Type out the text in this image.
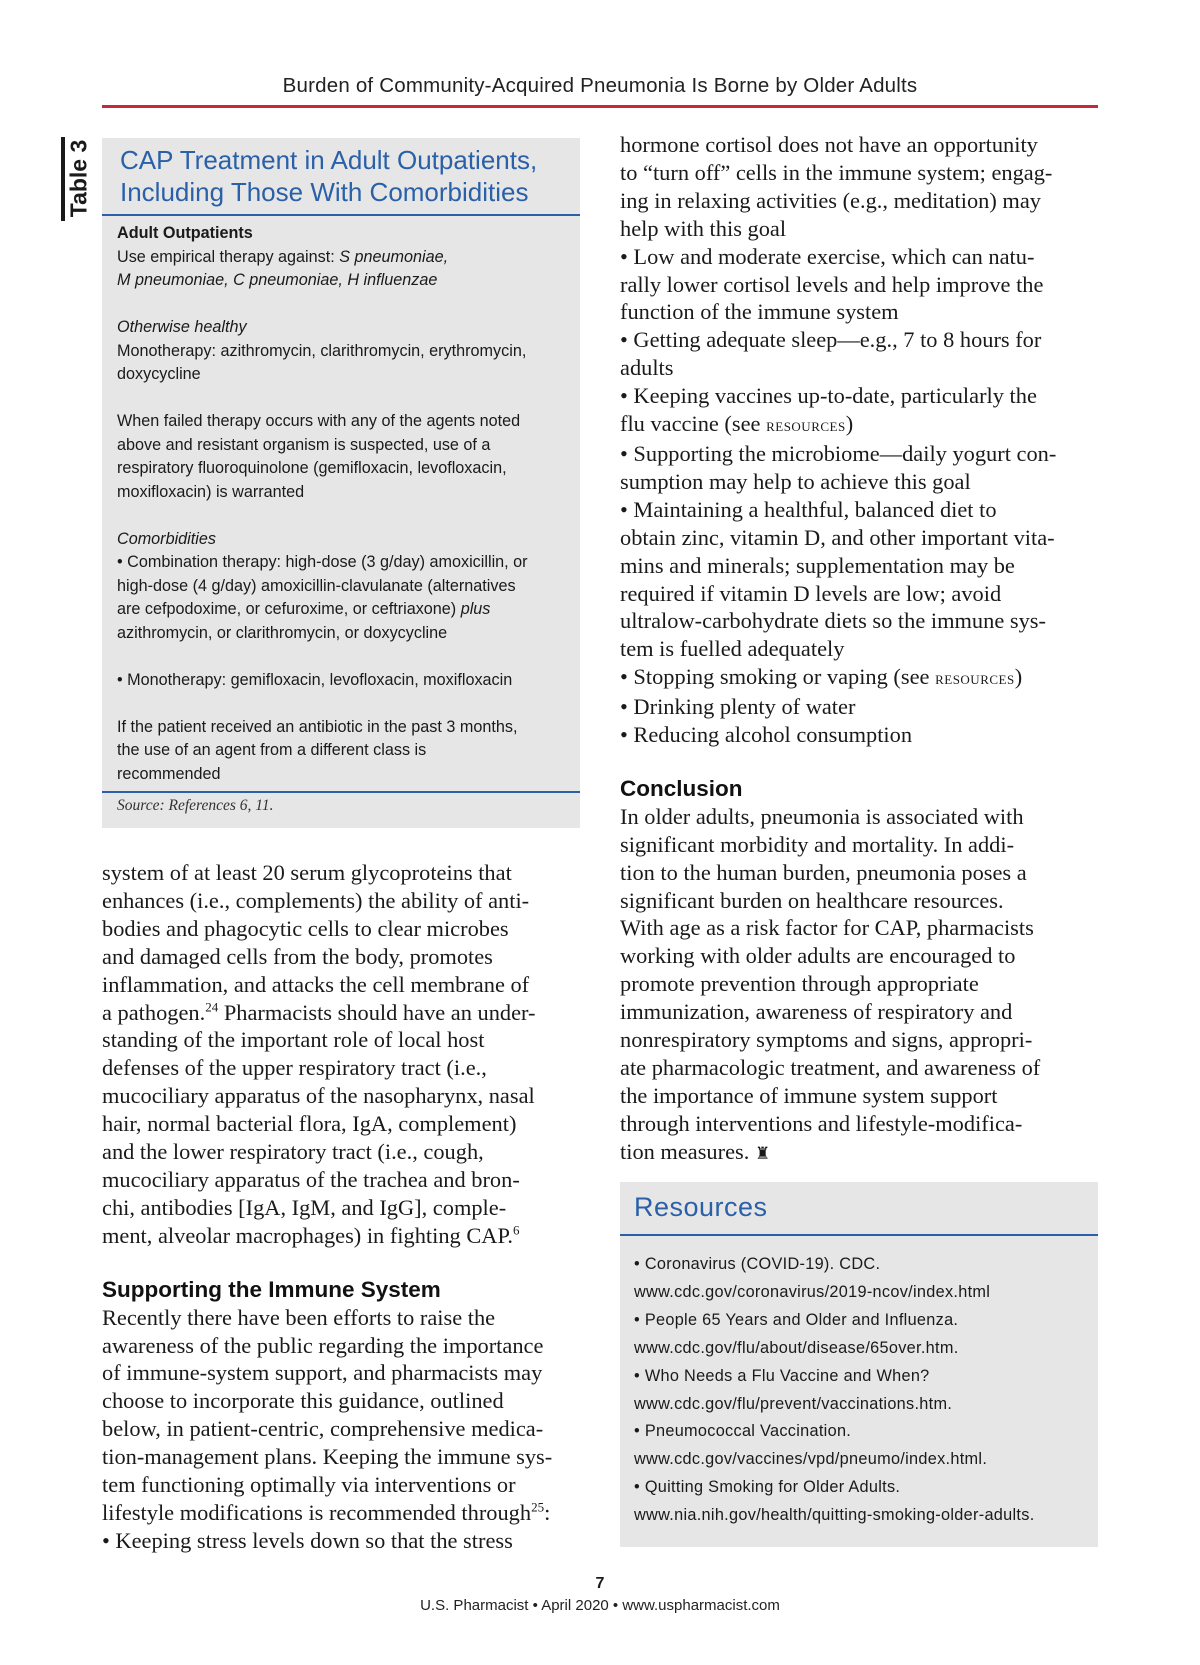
Burden of Community-Acquired Pneumonia Is Borne by Older Adults
Table 3 CAP Treatment in Adult Outpatients,
Including Those With Comorbidities

Adult Outpatients

Use empirical therapy against: S pneumoniae,

M pneumoniae, C pneumoniae, H influenzae

Otherwise healthy

Monotherapy: azithromycin, clarithromycin, erythromycin,

doxycycline

When failed therapy occurs with any of the agents noted

above and resistant organism is suspected, use of a

respiratory fluoroquinolone (gemifloxacin, levofloxacin,

moxifloxacin) is warranted

Comorbidities

• Combination therapy: high-dose (3 g/day) amoxicillin, or

high-dose (4 g/day) amoxicillin-clavulanate (alternatives

are cefpodoxime, or cefuroxime, or ceftriaxone) plus

azithromycin, or clarithromycin, or doxycycline

• Monotherapy: gemifloxacin, levofloxacin, moxifloxacin

If the patient received an antibiotic in the past 3 months,

the use of an agent from a different class is

recommended

Source: References 6, 11.

system of at least 20 serum glycoproteins that

enhances (i.e., complements) the ability of anti-

bodies and phagocytic cells to clear microbes

and damaged cells from the body, promotes

inflammation, and attacks the cell membrane of

a pathogen.$^{24}$ Pharmacists should have an under-

standing of the important role of local host

defenses of the upper respiratory tract (i.e.,

mucociliary apparatus of the nasopharynx, nasal

hair, normal bacterial flora, IgA, complement)

and the lower respiratory tract (i.e., cough,

mucociliary apparatus of the trachea and bron-

chi, antibodies [IgA, IgM, and IgG], comple-

ment, alveolar macrophages) in fighting CAP.$^6$

Supporting the Immune System

Recently there have been efforts to raise the

awareness of the public regarding the importance

of immune-system support, and pharmacists may

choose to incorporate this guidance, outlined

below, in patient-centric, comprehensive medica-

tion-management plans. Keeping the immune sys-

tem functioning optimally via interventions or

lifestyle modifications is recommended through$^{25}$:

• Keeping stress levels down so that the stress

hormone cortisol does not have an opportunity

to “turn off” cells in the immune system; engag-

ing in relaxing activities (e.g., meditation) may

help with this goal

• Low and moderate exercise, which can natu-

rally lower cortisol levels and help improve the

function of the immune system

• Getting adequate sleep—e.g., 7 to 8 hours for

adults

• Keeping vaccines up-to-date, particularly the

flu vaccine (see resources)

• Supporting the microbiome—daily yogurt con-

sumption may help to achieve this goal

• Maintaining a healthful, balanced diet to

obtain zinc, vitamin D, and other important vita-

mins and minerals; supplementation may be

required if vitamin D levels are low; avoid

ultralow-carbohydrate diets so the immune sys-

tem is fuelled adequately

• Stopping smoking or vaping (see resources)

• Drinking plenty of water

• Reducing alcohol consumption

Conclusion

In older adults, pneumonia is associated with

significant morbidity and mortality. In addi-

tion to the human burden, pneumonia poses a

significant burden on healthcare resources.

With age as a risk factor for CAP, pharmacists

working with older adults are encouraged to

promote prevention through appropriate

immunization, awareness of respiratory and

nonrespiratory symptoms and signs, appropri-

ate pharmacologic treatment, and awareness of

the importance of immune system support

through interventions and lifestyle-modifica-

tion measures. ♜

Resources

• Coronavirus (COVID-19). CDC.

www.cdc.gov/coronavirus/2019-ncov/index.html

• People 65 Years and Older and Influenza.

www.cdc.gov/flu/about/disease/65over.htm.

• Who Needs a Flu Vaccine and When?

www.cdc.gov/flu/prevent/vaccinations.htm.

• Pneumococcal Vaccination.

www.cdc.gov/vaccines/vpd/pneumo/index.html.

• Quitting Smoking for Older Adults.

www.nia.nih.gov/health/quitting-smoking-older-adults.

7
U.S. Pharmacist • April 2020 • www.uspharmacist.com
